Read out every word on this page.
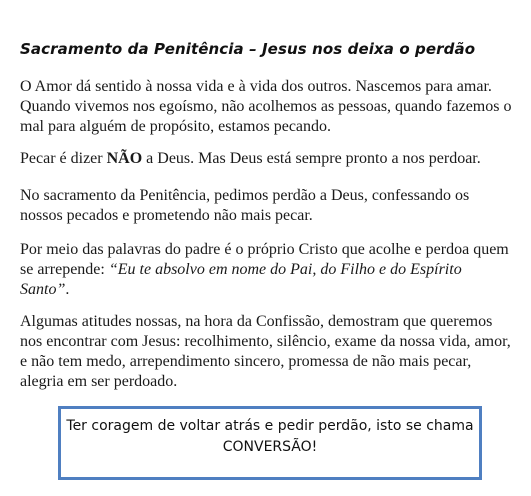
Sacramento da Penitência – Jesus nos deixa o perdão

O Amor dá sentido à nossa vida e à vida dos outros. Nascemos para amar. Quando vivemos nos egoísmo, não acolhemos as pessoas, quando fazemos o mal para alguém de propósito, estamos pecando.

Pecar é dizer NÃO a Deus. Mas Deus está sempre pronto a nos perdoar.

No sacramento da Penitência, pedimos perdão a Deus, confessando os nossos pecados e prometendo não mais pecar.

Por meio das palavras do padre é o próprio Cristo que acolhe e perdoa quem se arrepende: “Eu te absolvo em nome do Pai, do Filho e do Espírito Santo”.

Algumas atitudes nossas, na hora da Confissão, demostram que queremos nos encontrar com Jesus: recolhimento, silêncio, exame da nossa vida, amor, e não tem medo, arrependimento sincero, promessa de não mais pecar, alegria em ser perdoado.

Ter coragem de voltar atrás e pedir perdão, isto se chama
CONVERSÃO!
